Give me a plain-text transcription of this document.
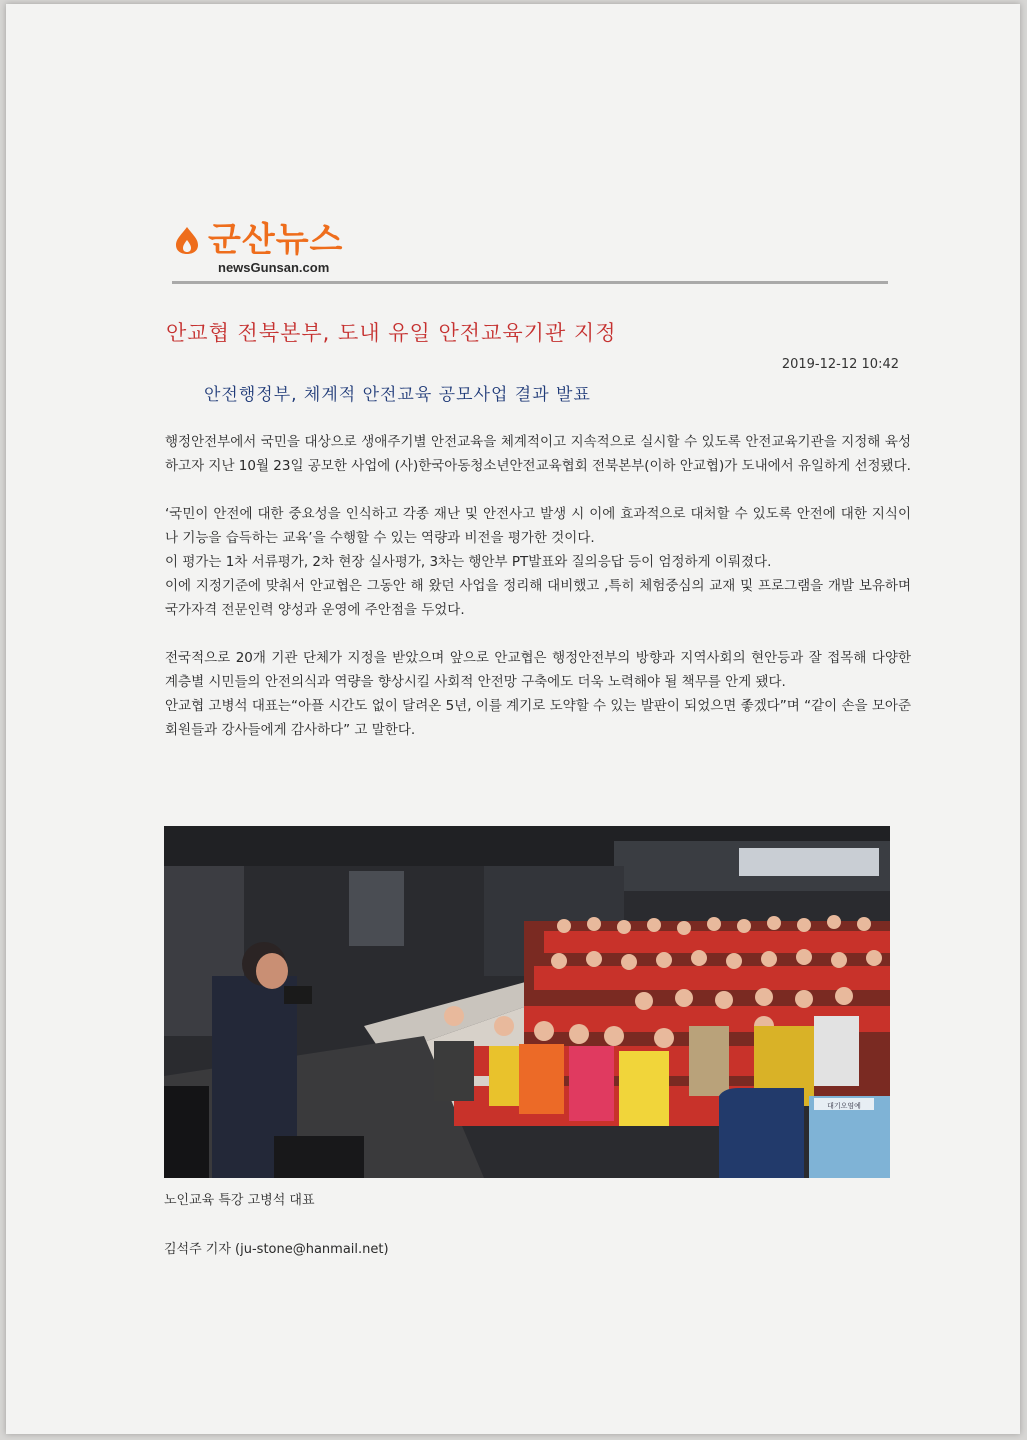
군산뉴스
newsGunsan.com
안교협 전북본부, 도내 유일 안전교육기관 지정
2019-12-12 10:42
안전행정부, 체계적 안전교육 공모사업 결과 발표

행정안전부에서 국민을 대상으로 생애주기별 안전교육을 체계적이고 지속적으로 실시할 수 있도록 안전교육기관을 지정해 육성하고자 지난 10월 23일 공모한 사업에 (사)한국아동청소년안전교육협회 전북본부(이하 안교협)가 도내에서 유일하게 선정됐다.

‘국민이 안전에 대한 중요성을 인식하고 각종 재난 및 안전사고 발생 시 이에 효과적으로 대처할 수 있도록 안전에 대한 지식이나 기능을 습득하는 교육’을 수행할 수 있는 역량과 비전을 평가한 것이다.

이 평가는 1차 서류평가, 2차 현장 실사평가, 3차는 행안부 PT발표와 질의응답 등이 엄정하게 이뤄졌다.

이에 지정기준에 맞춰서 안교협은 그동안 해 왔던 사업을 정리해 대비했고 ,특히 체험중심의 교재 및 프로그램을 개발 보유하며 국가자격 전문인력 양성과 운영에 주안점을 두었다.

전국적으로 20개 기관 단체가 지정을 받았으며 앞으로 안교협은 행정안전부의 방향과 지역사회의 현안등과 잘 접목해 다양한 계층별 시민들의 안전의식과 역량을 향상시킬 사회적 안전망 구축에도 더욱 노력해야 될 책무를 안게 됐다.

안교협 고병석 대표는“아플 시간도 없이 달려온 5년, 이를 계기로 도약할 수 있는 발판이 되었으면 좋겠다”며 “같이 손을 모아준 회원들과 강사들에게 감사하다” 고 말한다.

대기오염예
노인교육 특강 고병석 대표
김석주 기자 (ju-stone@hanmail.net)
